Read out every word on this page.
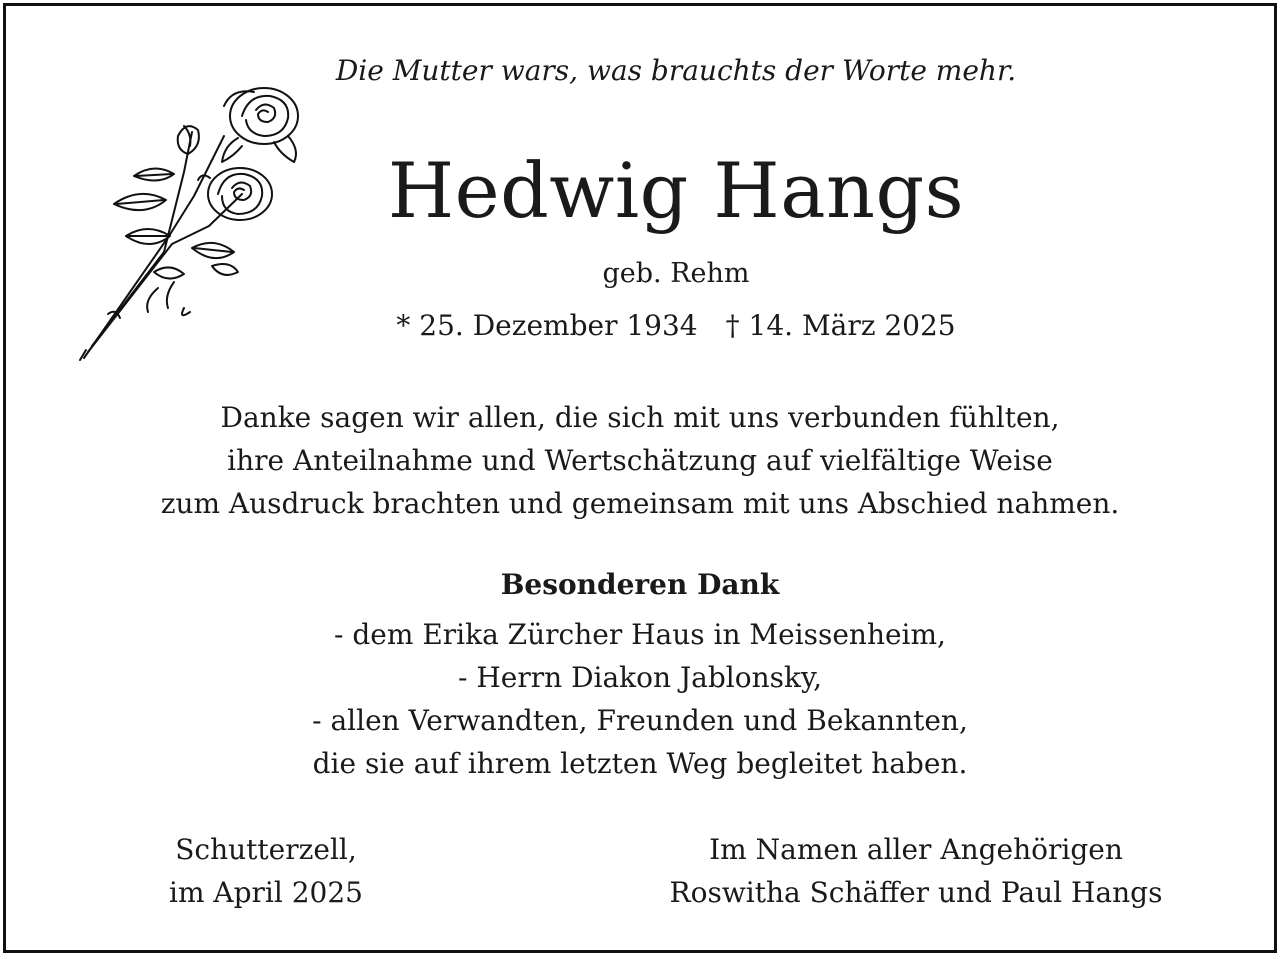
Die Mutter wars, was brauchts der Worte mehr.
Hedwig Hangs
geb. Rehm
* 25. Dezember 1934 † 14. März 2025
Danke sagen wir allen, die sich mit uns verbunden fühlten,
ihre Anteilnahme und Wertschätzung auf vielfältige Weise
zum Ausdruck brachten und gemeinsam mit uns Abschied nahmen.
Besonderen Dank
- dem Erika Zürcher Haus in Meissenheim,
- Herrn Diakon Jablonsky,
- allen Verwandten, Freunden und Bekannten,
die sie auf ihrem letzten Weg begleitet haben.
Schutterzell,
im April 2025
Im Namen aller Angehörigen
Roswitha Schäffer und Paul Hangs
